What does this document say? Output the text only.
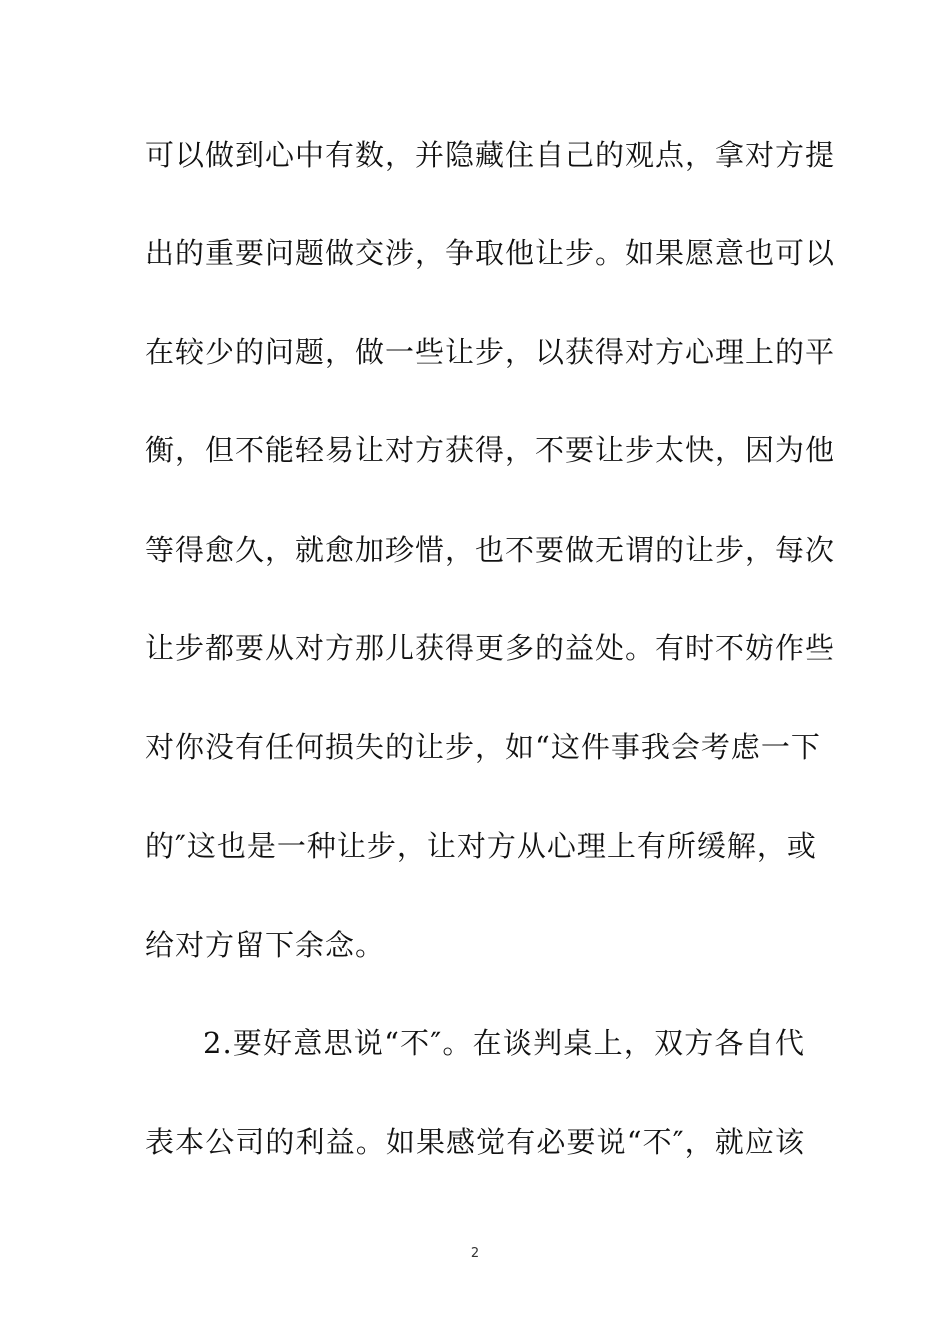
可以做到心中有数，并隐藏住自己的观点，拿对方提
出的重要问题做交涉，争取他让步。如果愿意也可以
在较少的问题，做一些让步，以获得对方心理上的平
衡，但不能轻易让对方获得，不要让步太快，因为他
等得愈久，就愈加珍惜，也不要做无谓的让步，每次
让步都要从对方那儿获得更多的益处。有时不妨作些
对你没有任何损失的让步，如“这件事我会考虑一下
的″这也是一种让步，让对方从心理上有所缓解，或
给对方留下余念。
2.要好意思说“不″。在谈判桌上，双方各自代
表本公司的利益。如果感觉有必要说“不″，就应该
2
